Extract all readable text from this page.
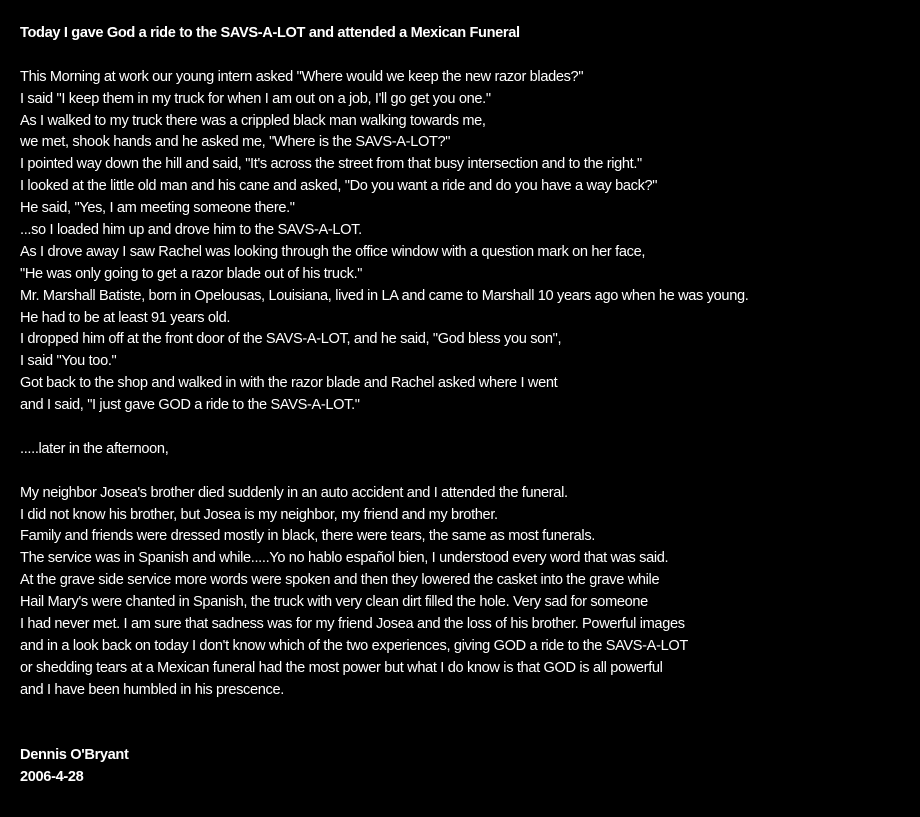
Today I gave God a ride to the SAVS-A-LOT and attended a Mexican Funeral
This Morning at work our young intern asked "Where would we keep the new razor blades?"
I said "I keep them in my truck for when I am out on a job, I'll go get you one."
As I walked to my truck there was a crippled black man walking towards me,
we met, shook hands and he asked me, "Where is the SAVS-A-LOT?"
I pointed way down the hill and said, "It's across the street from that busy intersection and to the right."
I looked at the little old man and his cane and asked, "Do you want a ride and do you have a way back?"
He said, "Yes, I am meeting someone there."
...so I loaded him up and drove him to the SAVS-A-LOT.
As I drove away I saw Rachel was looking through the office window with a question mark on her face,
"He was only going to get a razor blade out of his truck."
Mr. Marshall Batiste, born in Opelousas, Louisiana, lived in LA and came to Marshall 10 years ago when he was young.
He had to be at least 91 years old.
I dropped him off at the front door of the SAVS-A-LOT, and he said, "God bless you son",
I said "You too."
Got back to the shop and walked in with the razor blade and Rachel asked where I went
and I said, "I just gave GOD a ride to the SAVS-A-LOT."
.....later in the afternoon,
My neighbor Josea's brother died suddenly in an auto accident and I attended the funeral.
I did not know his brother, but Josea is my neighbor, my friend and my brother.
Family and friends were dressed mostly in black, there were tears, the same as most funerals.
The service was in Spanish and while.....Yo no hablo español bien, I understood every word that was said.
At the grave side service more words were spoken and then they lowered the casket into the grave while
Hail Mary's were chanted in Spanish, the truck with very clean dirt filled the hole. Very sad for someone
I had never met. I am sure that sadness was for my friend Josea and the loss of his brother. Powerful images
and in a look back on today I don't know which of the two experiences, giving GOD a ride to the SAVS-A-LOT
or shedding tears at a Mexican funeral had the most power but what I do know is that GOD is all powerful
and I have been humbled in his prescence.
Dennis O'Bryant
2006-4-28
